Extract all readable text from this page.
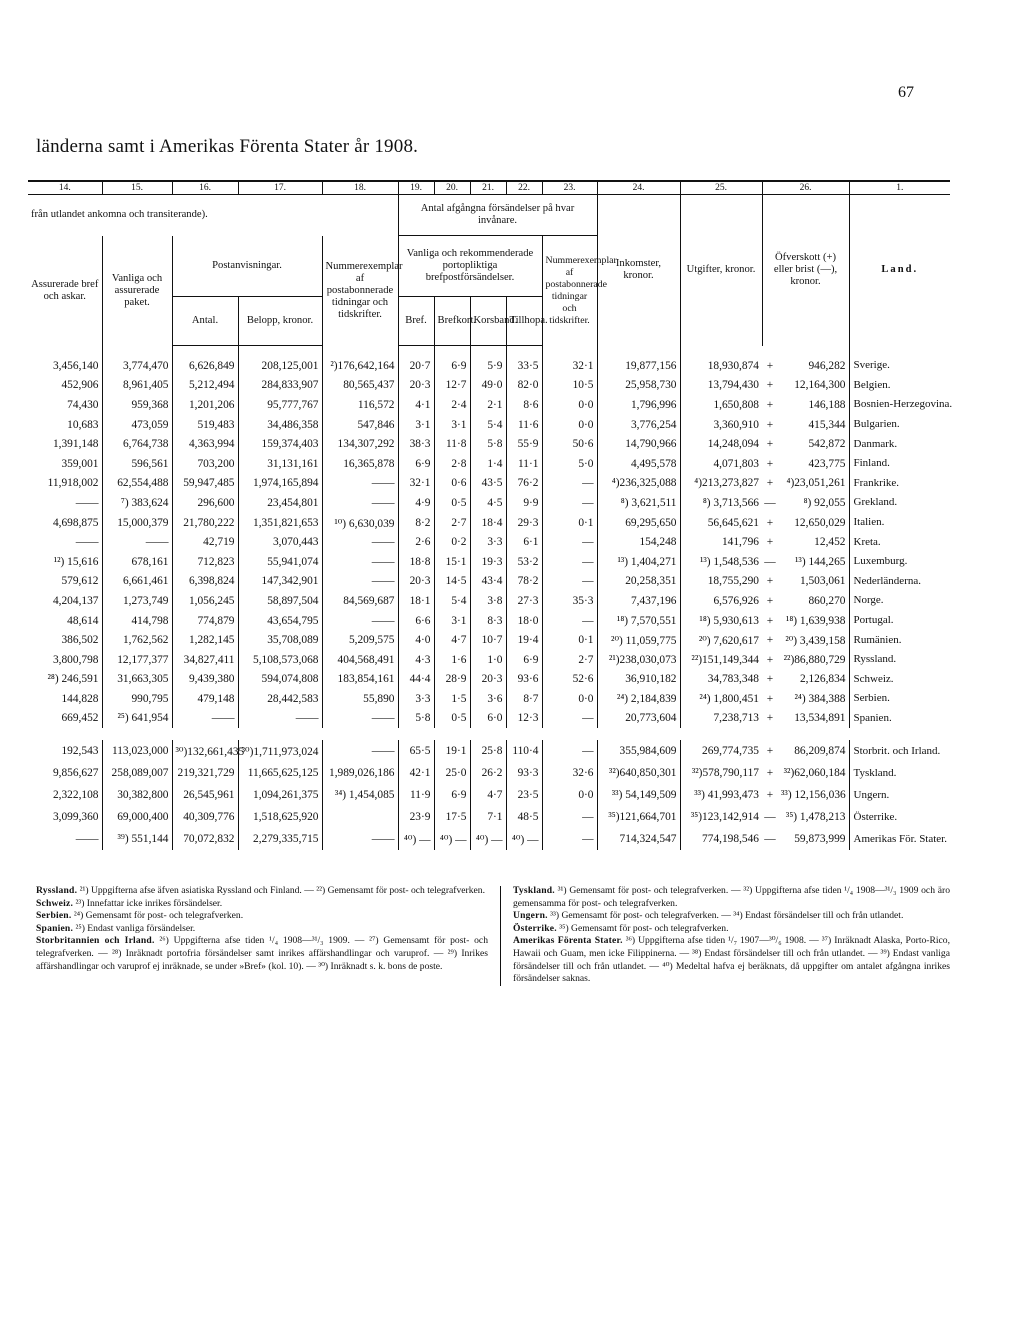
67
länderna samt i Amerikas Förenta Stater år 1908.
14.	15.	16.	17.	18.	19.	20.	21.	22.	23.	24.	25.	26.		1.
från utlandet ankomna och transiterande).					Antal afgångna försändelser på hvar invånare.					Inkomster, kronor.	Utgifter, kronor.	Öfverskott (+) eller brist (—), kronor.		Land.
Assurerade bref och askar.	Vanliga och assurerade paket.	Postanvisningar.		Nummerexemplar af postabonnerade tidningar och tidskrifter.	Vanliga och rekommenderade portopliktiga brefpostförsändelser.				Nummerexemplar af postabonnerade tidningar och tidskrifter.					
		Antal.	Belopp, kronor.		Bref.	Brefkort.	Korsband.	Tillhopa.						
3,456,140	3,774,470	6,626,849	208,125,001	²)176,642,164	20·7	6·9	5·9	33·5	32·1	19,877,156	18,930,874	+	946,282	Sverige.
452,906	8,961,405	5,212,494	284,833,907	80,565,437	20·3	12·7	49·0	82·0	10·5	25,958,730	13,794,430	+	12,164,300	Belgien.
74,430	959,368	1,201,206	95,777,767	116,572	4·1	2·4	2·1	8·6	0·0	1,796,996	1,650,808	+	146,188	Bosnien-Herzegovina.
10,683	473,059	519,483	34,486,358	547,846	3·1	3·1	5·4	11·6	0·0	3,776,254	3,360,910	+	415,344	Bulgarien.
1,391,148	6,764,738	4,363,994	159,374,403	134,307,292	38·3	11·8	5·8	55·9	50·6	14,790,966	14,248,094	+	542,872	Danmark.
359,001	596,561	703,200	31,131,161	16,365,878	6·9	2·8	1·4	11·1	5·0	4,495,578	4,071,803	+	423,775	Finland.
11,918,002	62,554,488	59,947,485	1,974,165,894	——	32·1	0·6	43·5	76·2	—	⁴)236,325,088	⁴)213,273,827	+	⁴)23,051,261	Frankrike.
——	⁷) 383,624	296,600	23,454,801	——	4·9	0·5	4·5	9·9	—	⁸) 3,621,511	⁸) 3,713,566	—	⁸) 92,055	Grekland.
4,698,875	15,000,379	21,780,222	1,351,821,653	¹⁰) 6,630,039	8·2	2·7	18·4	29·3	0·1	69,295,650	56,645,621	+	12,650,029	Italien.
——	——	42,719	3,070,443	——	2·6	0·2	3·3	6·1	—	154,248	141,796	+	12,452	Kreta.
¹²) 15,616	678,161	712,823	55,941,074	——	18·8	15·1	19·3	53·2	—	¹³) 1,404,271	¹³) 1,548,536	—	¹³) 144,265	Luxemburg.
579,612	6,661,461	6,398,824	147,342,901	——	20·3	14·5	43·4	78·2	—	20,258,351	18,755,290	+	1,503,061	Nederländerna.
4,204,137	1,273,749	1,056,245	58,897,504	84,569,687	18·1	5·4	3·8	27·3	35·3	7,437,196	6,576,926	+	860,270	Norge.
48,614	414,798	774,879	43,654,795	——	6·6	3·1	8·3	18·0	—	¹⁸) 7,570,551	¹⁸) 5,930,613	+	¹⁸) 1,639,938	Portugal.
386,502	1,762,562	1,282,145	35,708,089	5,209,575	4·0	4·7	10·7	19·4	0·1	²⁰) 11,059,775	²⁰) 7,620,617	+	²⁰) 3,439,158	Rumänien.
3,800,798	12,177,377	34,827,411	5,108,573,068	404,568,491	4·3	1·6	1·0	6·9	2·7	²¹)238,030,073	²²)151,149,344	+	²²)86,880,729	Ryssland.
²⁸) 246,591	31,663,305	9,439,380	594,074,808	183,854,161	44·4	28·9	20·3	93·6	52·6	36,910,182	34,783,348	+	2,126,834	Schweiz.
144,828	990,795	479,148	28,442,583	55,890	3·3	1·5	3·6	8·7	0·0	²⁴) 2,184,839	²⁴) 1,800,451	+	²⁴) 384,388	Serbien.
669,452	²⁵) 641,954	——	——	——	5·8	0·5	6·0	12·3	—	20,773,604	7,238,713	+	13,534,891	Spanien.

192,543	113,023,000	³⁰)132,661,435	³⁰)1,711,973,024	——	65·5	19·1	25·8	110·4	—	355,984,609	269,774,735	+	86,209,874	Storbrit. och Irland.
9,856,627	258,089,007	219,321,729	11,665,625,125	1,989,026,186	42·1	25·0	26·2	93·3	32·6	³²)640,850,301	³²)578,790,117	+	³²)62,060,184	Tyskland.
2,322,108	30,382,800	26,545,961	1,094,261,375	³⁴) 1,454,085	11·9	6·9	4·7	23·5	0·0	³³) 54,149,509	³³) 41,993,473	+	³³) 12,156,036	Ungern.
3,099,360	69,000,400	40,309,776	1,518,625,920		23·9	17·5	7·1	48·5	—	³⁵)121,664,701	³⁵)123,142,914	—	³⁵) 1,478,213	Österrike.
——	³⁹) 551,144	70,072,832	2,279,335,715	——	⁴⁰) —	⁴⁰) —	⁴⁰) —	⁴⁰) —	—	714,324,547	774,198,546	—	59,873,999	Amerikas För. Stater.

Ryssland. ²¹) Uppgifterna afse äfven asiatiska Ryssland och Finland. — ²²) Gemensamt för post- och telegrafverken.

Schweiz. ²³) Innefattar icke inrikes försändelser.

Serbien. ²⁴) Gemensamt för post- och telegrafverken.

Spanien. ²⁵) Endast vanliga försändelser.

Storbritannien och Irland. ²⁶) Uppgifterna afse tiden ¹/₄ 1908—³¹/₃ 1909. — ²⁷) Gemensamt för post- och telegrafverken. — ²⁸) Inräknadt portofria försändelser samt inrikes affärshandlingar och varuprof. — ²⁹) Inrikes affärshandlingar och varuprof ej inräknade, se under »Bref» (kol. 10). — ³⁰) Inräknadt s. k. bons de poste.

Tyskland. ³¹) Gemensamt för post- och telegrafverken. — ³²) Uppgifterna afse tiden ¹/₄ 1908—³¹/₃ 1909 och äro gemensamma för post- och telegrafverken.

Ungern. ³³) Gemensamt för post- och telegrafverken. — ³⁴) Endast försändelser till och från utlandet.

Österrike. ³⁵) Gemensamt för post- och telegrafverken.

Amerikas Förenta Stater. ³⁶) Uppgifterna afse tiden ¹/₇ 1907—³⁰/₆ 1908. — ³⁷) Inräknadt Alaska, Porto-Rico, Hawaii och Guam, men icke Filippinerna. — ³⁸) Endast försändelser till och från utlandet. — ³⁹) Endast vanliga försändelser till och från utlandet. — ⁴⁰) Medeltal hafva ej beräknats, då uppgifter om antalet afgångna inrikes försändelser saknas.
